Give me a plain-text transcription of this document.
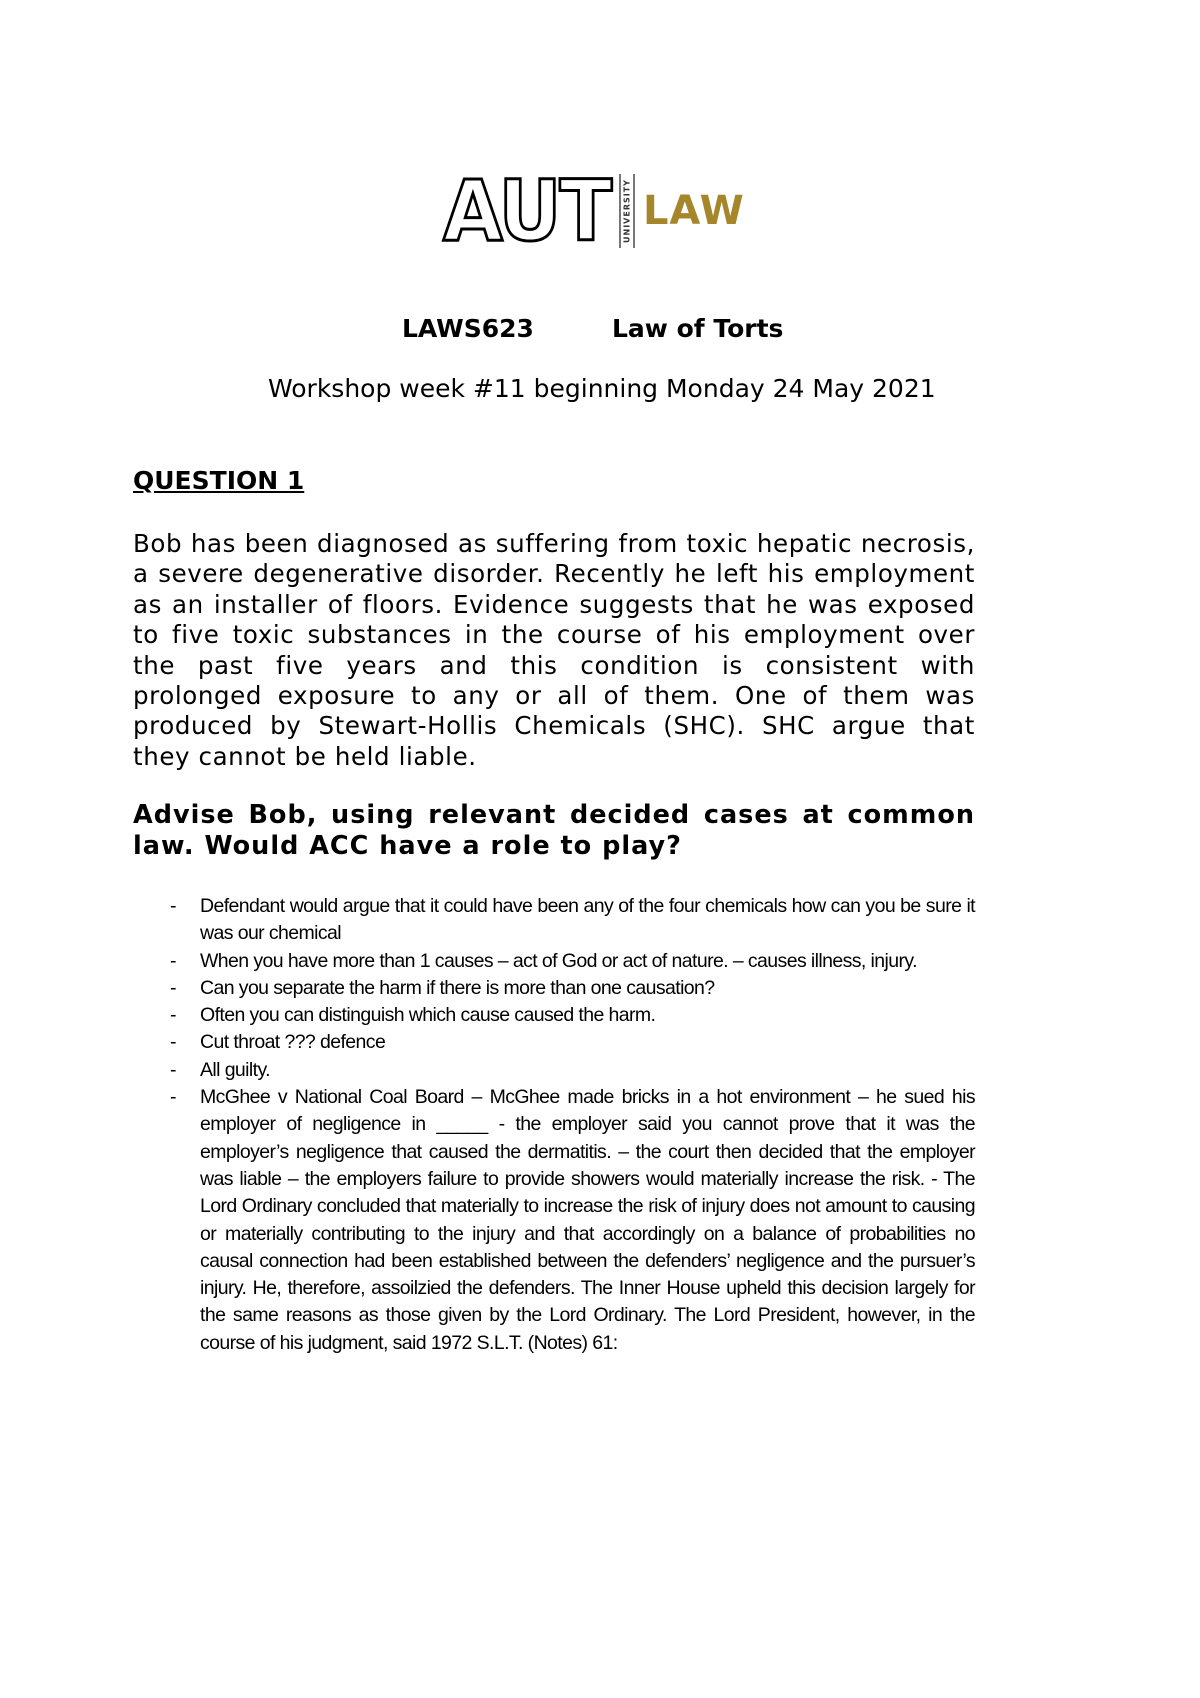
AUT UNIVERSITY LAW
LAWS623	Law of Torts
Workshop week #11 beginning Monday 24 May 2021
QUESTION 1
Bob has been diagnosed as suffering from toxic hepatic necrosis, a severe degenerative disorder. Recently he left his employment as an installer of floors. Evidence suggests that he was exposed to five toxic substances in the course of his employment over the past five years and this condition is consistent with prolonged exposure to any or all of them. One of them was produced by Stewart-Hollis Chemicals (SHC). SHC argue that they cannot be held liable.
Advise Bob, using relevant decided cases at common law. Would ACC have a role to play?
- Defendant would argue that it could have been any of the four chemicals how can you be sure it was our chemical
- When you have more than 1 causes – act of God or act of nature. – causes illness, injury.
- Can you separate the harm if there is more than one causation?
- Often you can distinguish which cause caused the harm.
- Cut throat ??? defence
- All guilty.
- McGhee v National Coal Board – McGhee made bricks in a hot environment – he sued his employer of negligence in _____ - the employer said you cannot prove that it was the employer’s negligence that caused the dermatitis. – the court then decided that the employer was liable – the employers failure to provide showers would materially increase the risk. - The Lord Ordinary concluded that materially to increase the risk of injury does not amount to causing or materially contributing to the injury and that accordingly on a balance of probabilities no causal connection had been established between the defenders’ negligence and the pursuer’s injury. He, therefore, assoilzied the defenders. The Inner House upheld this decision largely for the same reasons as those given by the Lord Ordinary. The Lord President, however, in the course of his judgment, said 1972 S.L.T. (Notes) 61:
